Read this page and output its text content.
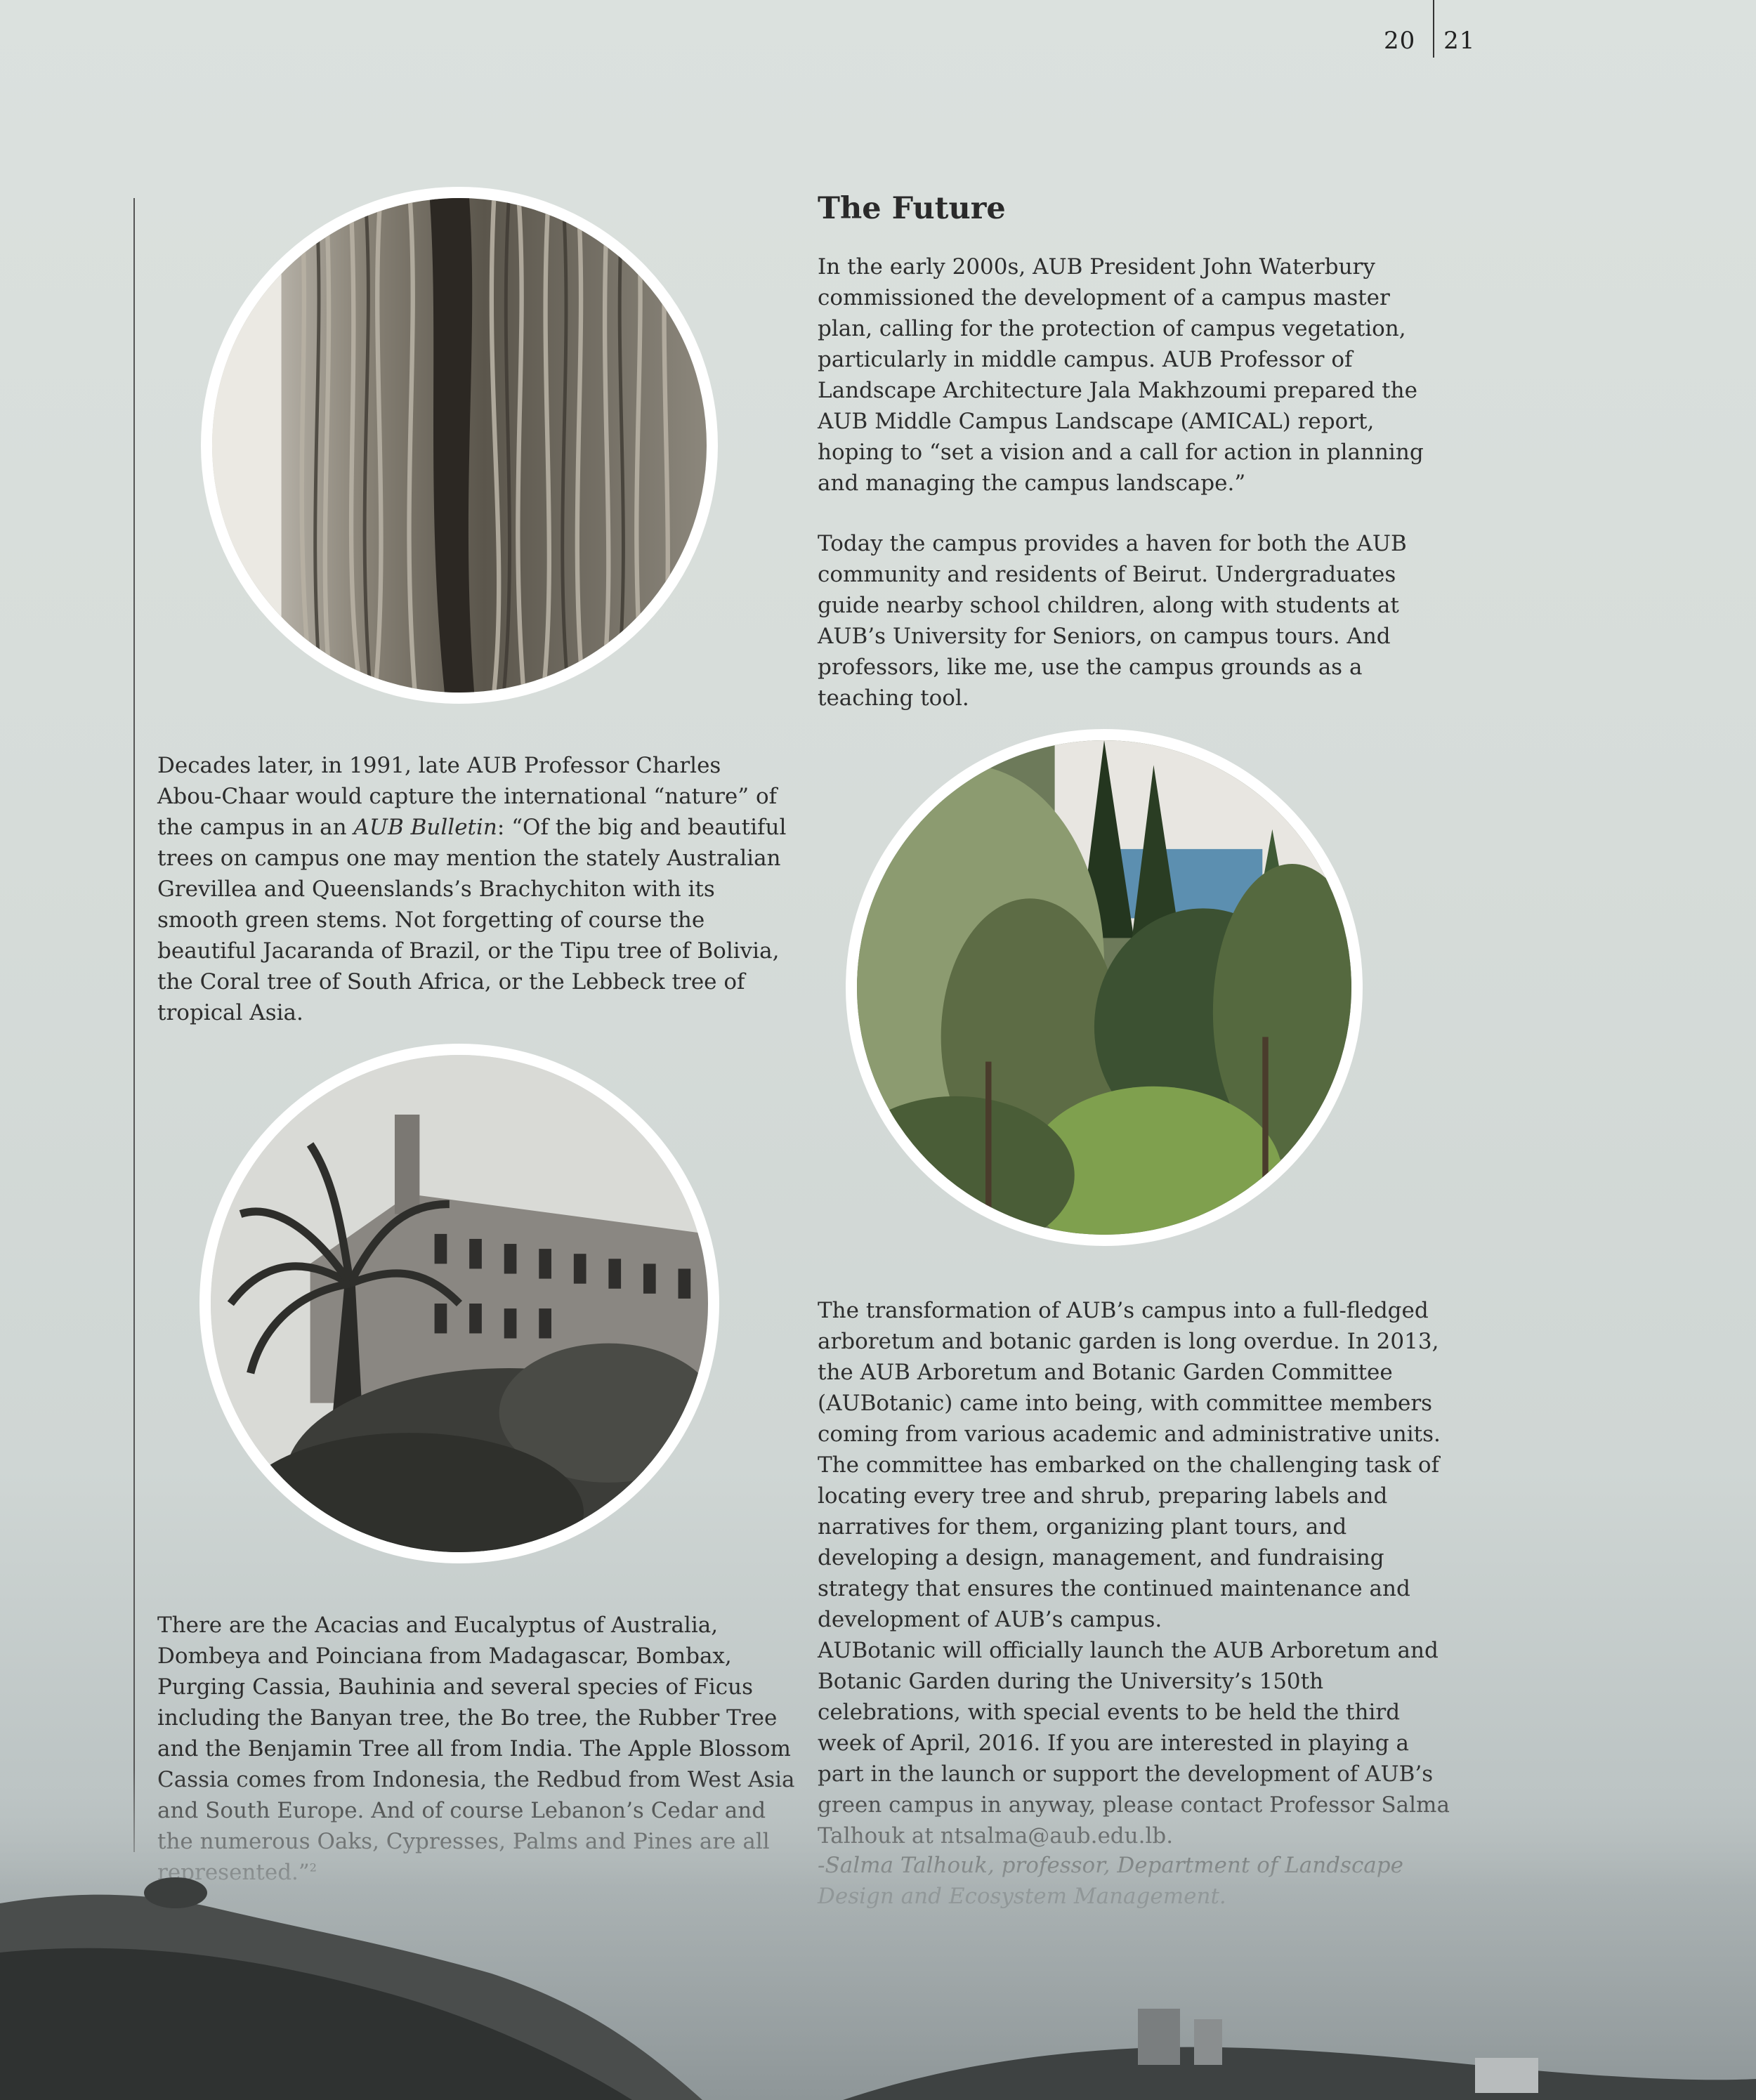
20 21
The Future

In the early 2000s, AUB President John Waterbury commissioned the development of a campus master plan, calling for the protection of campus vegetation, particularly in middle campus. AUB Professor of Landscape Architecture Jala Makhzoumi prepared the AUB Middle Campus Landscape (AMICAL) report, hoping to “set a vision and a call for action in planning and managing the campus landscape.”

Today the campus provides a haven for both the AUB community and residents of Beirut. Undergraduates guide nearby school children, along with students at AUB’s University for Seniors, on campus tours. And professors, like me, use the campus grounds as a teaching tool.

Decades later, in 1991, late AUB Professor Charles Abou-Chaar would capture the international “nature” of the campus in an AUB Bulletin: “Of the big and beautiful trees on campus one may mention the stately Australian Grevillea and Queenslands’s Brachychiton with its smooth green stems. Not forgetting of course the beautiful Jacaranda of Brazil, or the Tipu tree of Bolivia, the Coral tree of South Africa, or the Lebbeck tree of tropical Asia.

There are the Acacias and Eucalyptus of Australia, Dombeya and Poinciana from Madagascar, Bombax, Purging Cassia, Bauhinia and several species of Ficus including the Banyan tree, the Bo tree, the Rubber Tree and the Benjamin Tree all from India. The Apple Blossom

The transformation of AUB’s campus into a full-fledged arboretum and botanic garden is long overdue. In 2013, the AUB Arboretum and Botanic Garden Committee (AUBotanic) came into being, with committee members coming from various academic and administrative units. The committee has embarked on the challenging task of locating every tree and shrub, preparing labels and narratives for them, organizing plant tours, and developing a design, management, and fundraising strategy that ensures the continued maintenance and development of AUB’s campus.

AUBotanic will officially launch the AUB Arboretum and Botanic Garden during the University’s 150th celebrations, with special events to be held the third week of April, 2016. If you are interested in playing a
